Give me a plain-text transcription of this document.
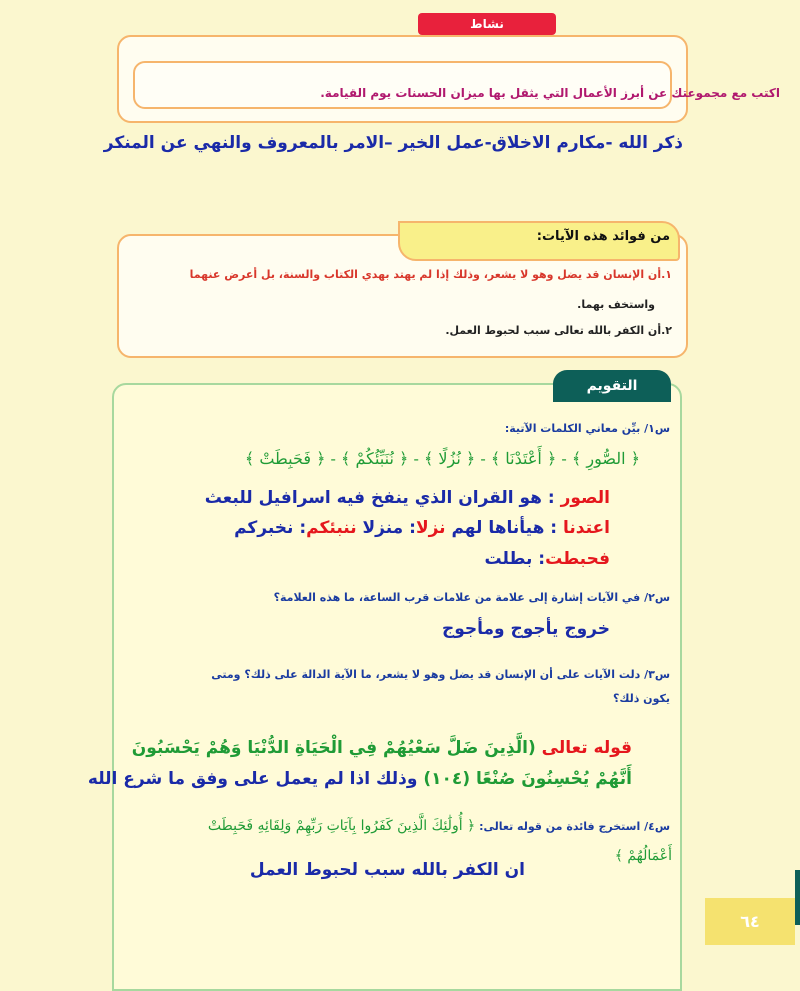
نشاط
اكتب مع مجموعتك عن أبرز الأعمال التي يثقل بها ميزان الحسنات يوم القيامة.
ذكر الله -مكارم الاخلاق-عمل الخير –الامر بالمعروف والنهي عن المنكر
من فوائد هذه الآيات:
١.أن الإنسان قد يضل وهو لا يشعر، وذلك إذا لم يهتد بهدي الكتاب والسنة، بل أعرض عنهما
واستخف بهما.
٢.أن الكفر بالله تعالى سبب لحبوط العمل.
التقويم
س١/ بيِّن معاني الكلمات الآتية:
﴿ الصُّورِ ﴾ - ﴿ أَعْتَدْنَا ﴾ - ﴿ نُزُلًا ﴾ - ﴿ نُنَبِّئُكُمْ ﴾ - ﴿ فَحَبِطَتْ ﴾
الصور : هو القران الذي ينفخ فيه اسرافيل للبعث
اعتدنا : هيأناها لهم نزلا: منزلا ننبئكم: نخبركم
فحبطت: بطلت
س٢/ في الآيات إشارة إلى علامة من علامات قرب الساعة، ما هذه العلامة؟
خروج يأجوج ومأجوج
س٣/ دلت الآيات على أن الإنسان قد يضل وهو لا يشعر، ما الآية الدالة على ذلك؟ ومتى
يكون ذلك؟
قوله تعالى (الَّذِينَ ضَلَّ سَعْيُهُمْ فِي الْحَيَاةِ الدُّنْيَا وَهُمْ يَحْسَبُونَ
أَنَّهُمْ يُحْسِنُونَ صُنْعًا (١٠٤) وذلك اذا لم يعمل على وفق ما شرع الله
س٤/ استخرج فائدة من قوله تعالى: ﴿ أُولَٰئِكَ الَّذِينَ كَفَرُوا بِآيَاتِ رَبِّهِمْ وَلِقَائِهِ فَحَبِطَتْ
أَعْمَالُهُمْ ﴾
ان الكفر بالله سبب لحبوط العمل
٦٤
